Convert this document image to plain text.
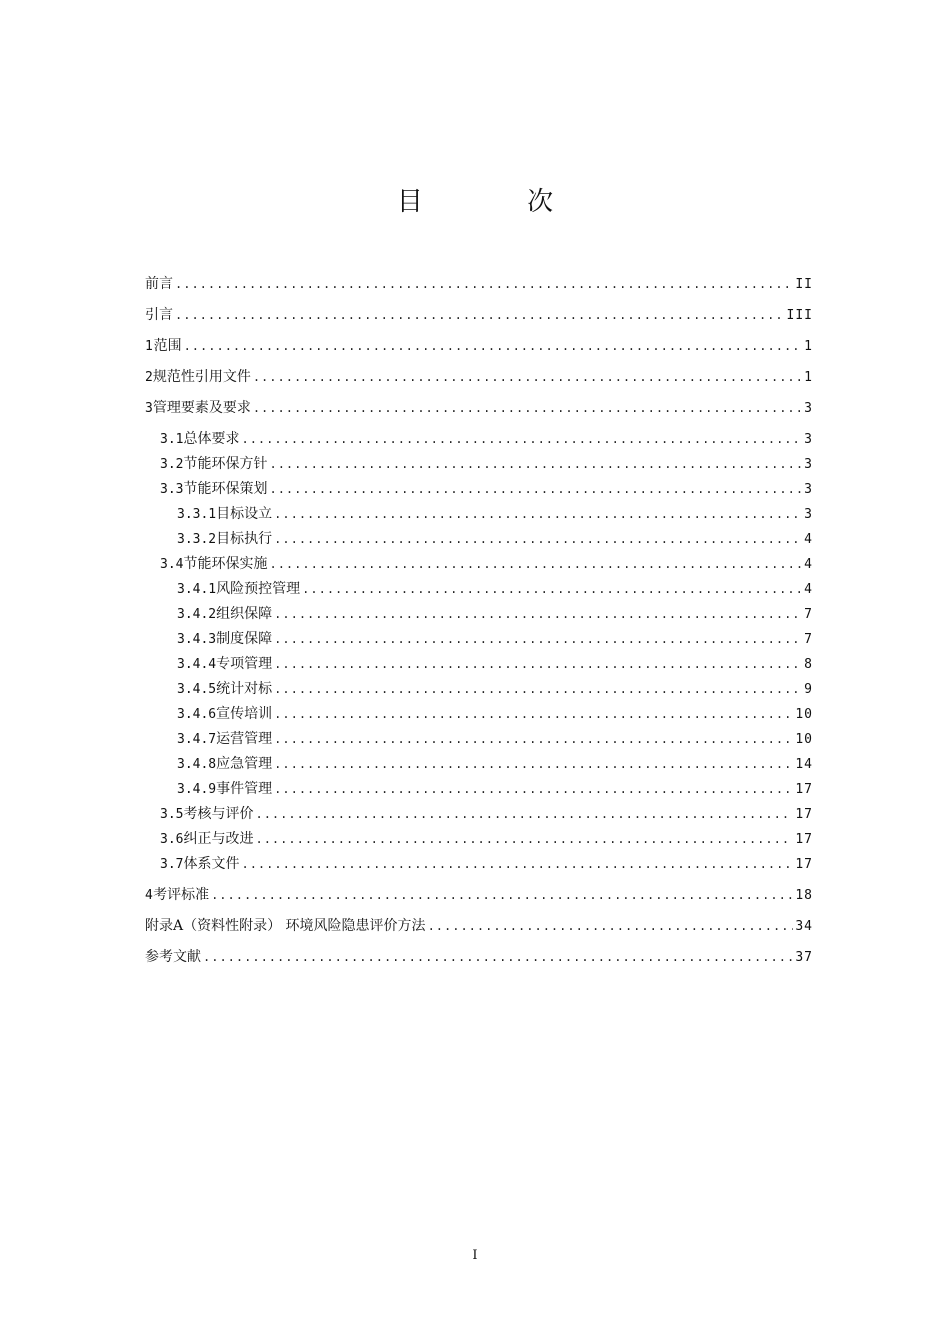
目 次
前言 .....	II
引言 .....	III
1 范围 .....	1
2 规范性引用文件 .....	1
3 管理要素及要求 .....	3
3.1 总体要求 .....	3
3.2 节能环保方针 .....	3
3.3 节能环保策划 .....	3
3.3.1 目标设立 .....	3
3.3.2 目标执行 .....	4
3.4 节能环保实施 .....	4
3.4.1 风险预控管理 .....	4
3.4.2 组织保障 .....	7
3.4.3 制度保障 .....	7
3.4.4 专项管理 .....	8
3.4.5 统计对标 .....	9
3.4.6 宣传培训 .....	10
3.4.7 运营管理 .....	10
3.4.8 应急管理 .....	14
3.4.9 事件管理 .....	17
3.5 考核与评价 .....	17
3.6 纠正与改进 .....	17
3.7 体系文件 .....	17
4 考评标准 .....	18
附录A（资料性附录） 环境风险隐患评价方法 .....	34
参考文献 .....	37
I
